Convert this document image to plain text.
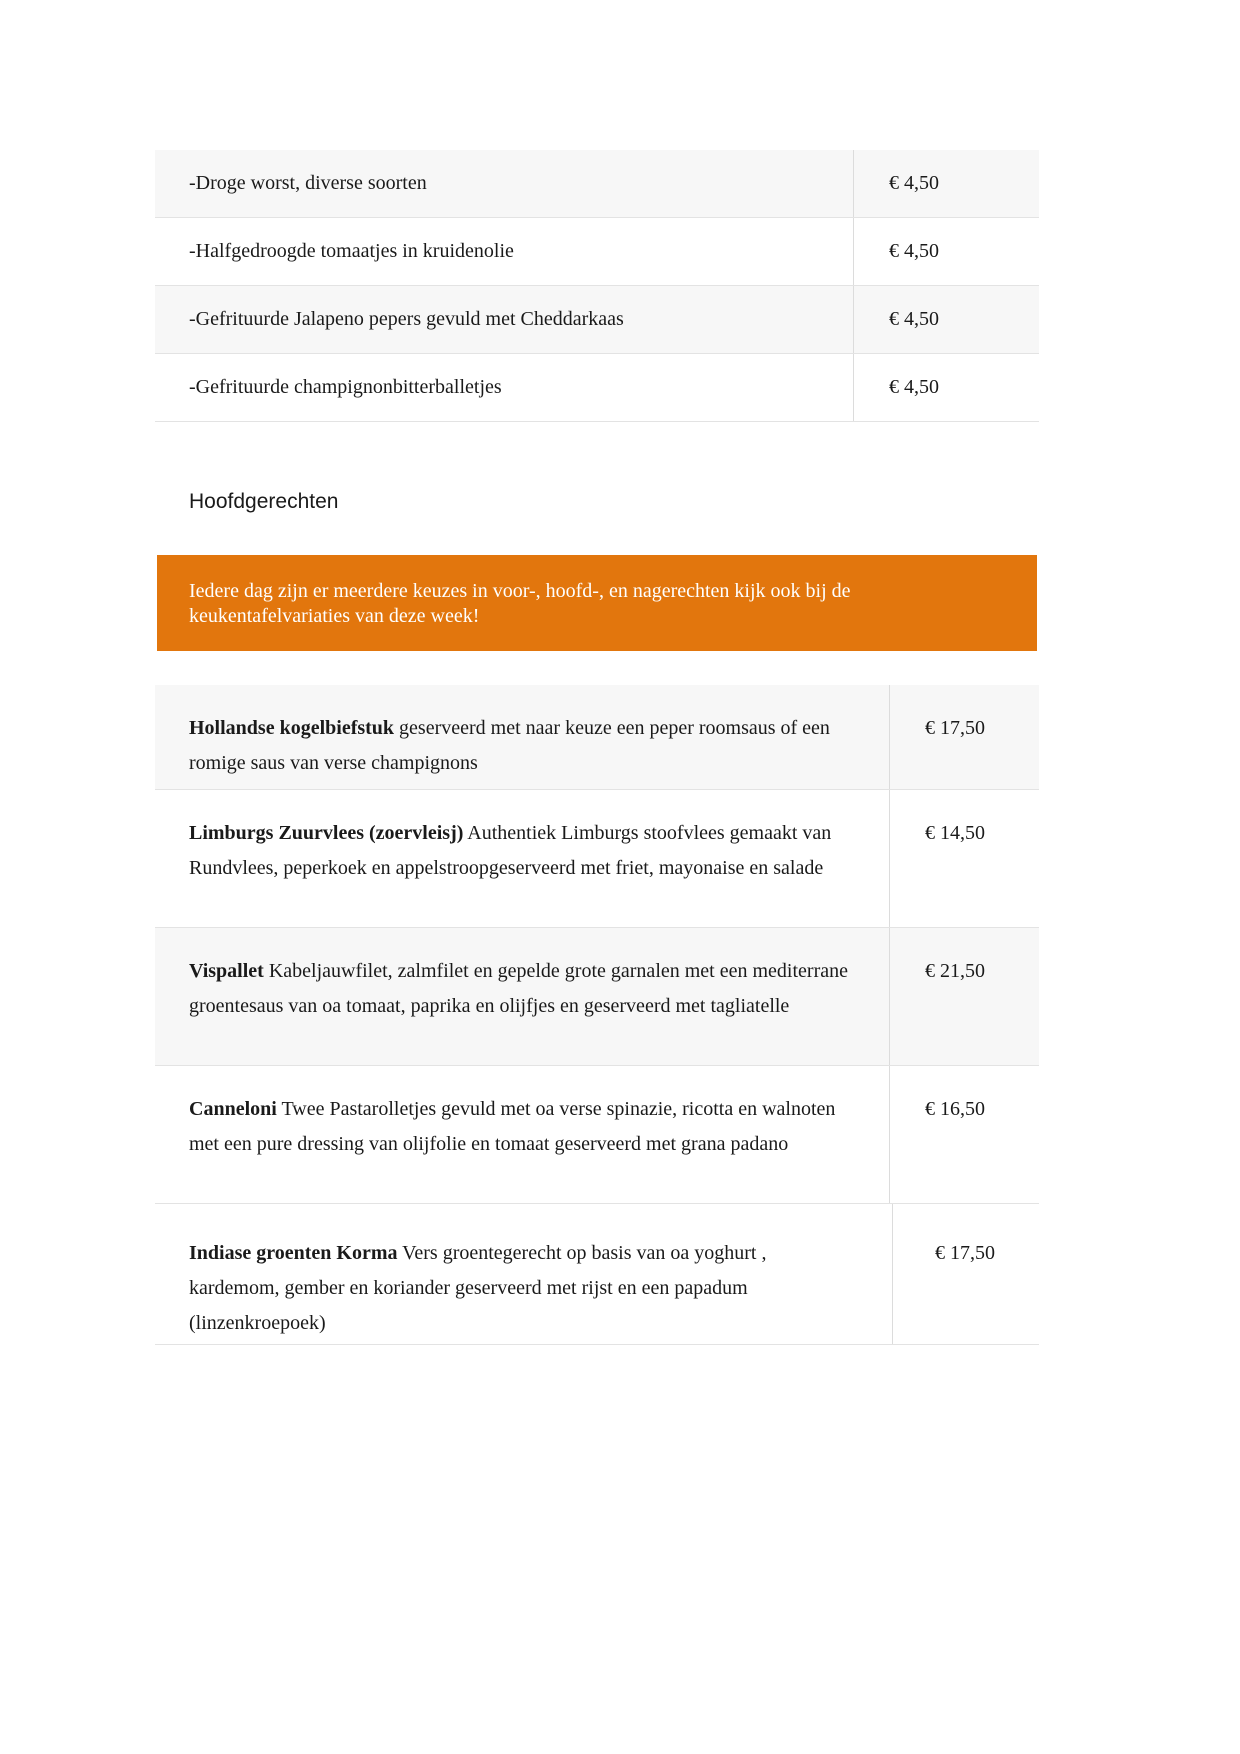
-Droge worst, diverse soorten	€ 4,50
-Halfgedroogde tomaatjes in kruidenolie	€ 4,50
-Gefrituurde Jalapeno pepers gevuld met Cheddarkaas	€ 4,50
-Gefrituurde champignonbitterballetjes	€ 4,50
Hoofdgerechten
Iedere dag zijn er meerdere keuzes in voor-, hoofd-, en nagerechten kijk ook bij de keukentafelvariaties van deze week!
Hollandse kogelbiefstuk geserveerd met naar keuze een peper roomsaus of een romige saus van verse champignons
€ 17,50
Limburgs Zuurvlees (zoervleisj) Authentiek Limburgs stoofvlees gemaakt van Rundvlees, peperkoek en appelstroopgeserveerd met friet, mayonaise en salade
€ 14,50
Vispallet Kabeljauwfilet, zalmfilet en gepelde grote garnalen met een mediterrane groentesaus van oa tomaat, paprika en olijfjes en geserveerd met tagliatelle
€ 21,50
Canneloni Twee Pastarolletjes gevuld met oa verse spinazie, ricotta en walnoten met een pure dressing van olijfolie en tomaat geserveerd met grana padano
€ 16,50
Indiase groenten Korma Vers groentegerecht op basis van oa yoghurt , kardemom, gember en koriander geserveerd met rijst en een papadum (linzenkroepoek)
€ 17,50
